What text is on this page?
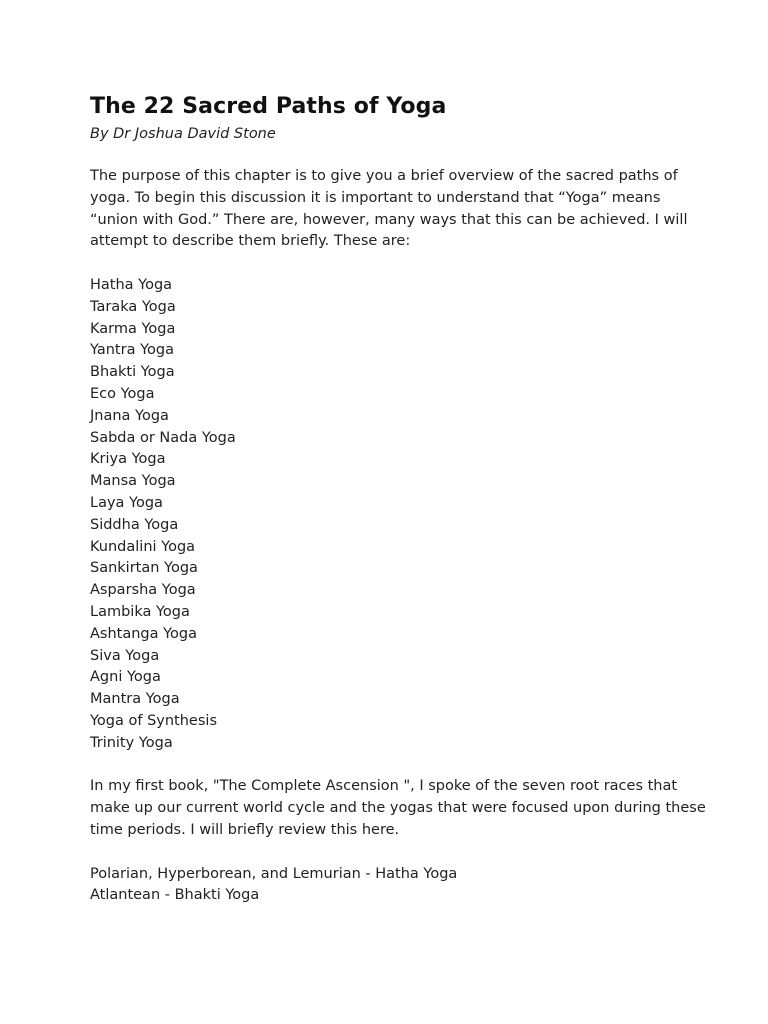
The 22 Sacred Paths of Yoga

By Dr Joshua David Stone

The purpose of this chapter is to give you a brief overview of the sacred paths of yoga. To begin this discussion it is important to understand that “Yoga” means “union with God.” There are, however, many ways that this can be achieved. I will attempt to describe them briefly. These are:

Hatha Yoga
Taraka Yoga
Karma Yoga
Yantra Yoga
Bhakti Yoga
Eco Yoga
Jnana Yoga
Sabda or Nada Yoga
Kriya Yoga
Mansa Yoga
Laya Yoga
Siddha Yoga
Kundalini Yoga
Sankirtan Yoga
Asparsha Yoga
Lambika Yoga
Ashtanga Yoga
Siva Yoga
Agni Yoga
Mantra Yoga
Yoga of Synthesis
Trinity Yoga

In my first book, "The Complete Ascension ", I spoke of the seven root races that make up our current world cycle and the yogas that were focused upon during these time periods. I will briefly review this here.

Polarian, Hyperborean, and Lemurian - Hatha Yoga
Atlantean - Bhakti Yoga
